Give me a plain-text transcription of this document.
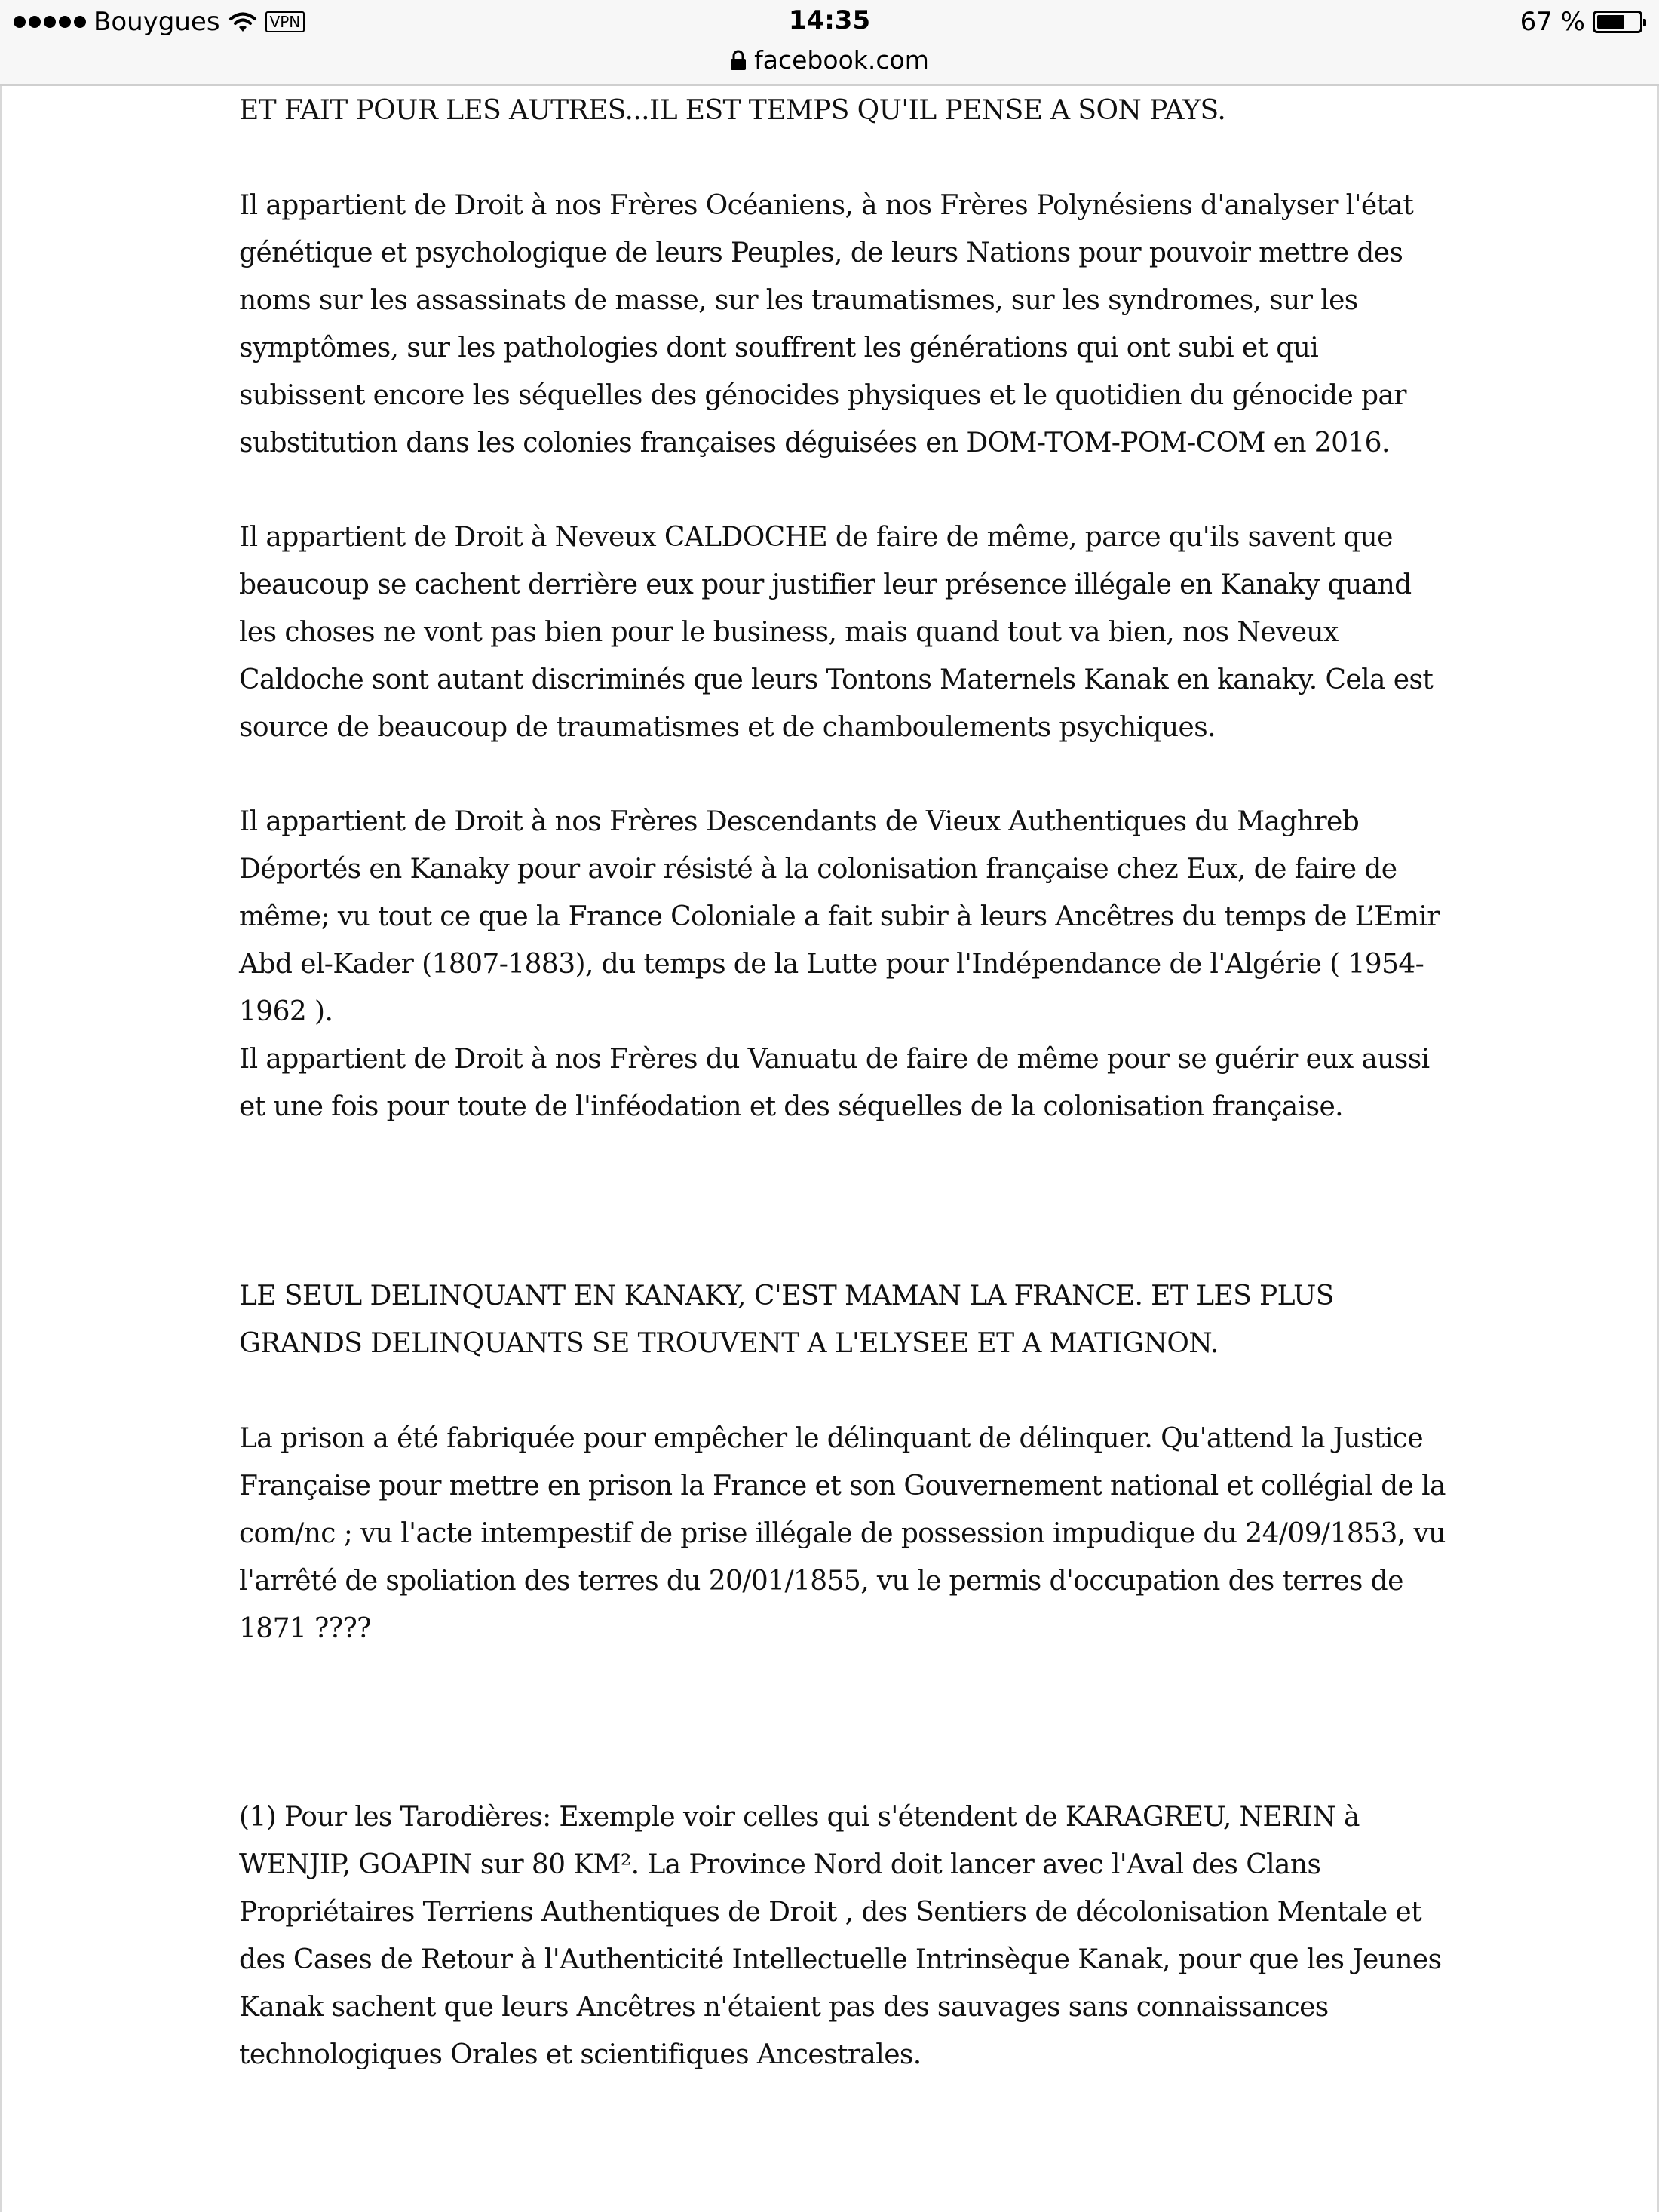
Bouygues	VPN	14:35	67 %
facebook.com

ET FAIT POUR LES AUTRES...IL EST TEMPS QU'IL PENSE A SON PAYS.

Il appartient de Droit à nos Frères Océaniens, à nos Frères Polynésiens d'analyser l'état génétique et psychologique de leurs Peuples, de leurs Nations pour pouvoir mettre des noms sur les assassinats de masse, sur les traumatismes, sur les syndromes, sur les symptômes, sur les pathologies dont souffrent les générations qui ont subi et qui subissent encore les séquelles des génocides physiques et le quotidien du génocide par substitution dans les colonies françaises déguisées en DOM-TOM-POM-COM en 2016.

Il appartient de Droit à Neveux CALDOCHE de faire de même, parce qu'ils savent que beaucoup se cachent derrière eux pour justifier leur présence illégale en Kanaky quand les choses ne vont pas bien pour le business, mais quand tout va bien, nos Neveux Caldoche sont autant discriminés que leurs Tontons Maternels Kanak en kanaky. Cela est source de beaucoup de traumatismes et de chamboulements psychiques.

Il appartient de Droit à nos Frères Descendants de Vieux Authentiques du Maghreb Déportés en Kanaky pour avoir résisté à la colonisation française chez Eux, de faire de même; vu tout ce que la France Coloniale a fait subir à leurs Ancêtres du temps de L’Emir Abd el-Kader (1807-1883), du temps de la Lutte pour l'Indépendance de l'Algérie ( 1954-1962 ).

Il appartient de Droit à nos Frères du Vanuatu de faire de même pour se guérir eux aussi et une fois pour toute de l'inféodation et des séquelles de la colonisation française.

LE SEUL DELINQUANT EN KANAKY, C'EST MAMAN LA FRANCE. ET LES PLUS GRANDS DELINQUANTS SE TROUVENT A L'ELYSEE ET A MATIGNON.

La prison a été fabriquée pour empêcher le délinquant de délinquer. Qu'attend la Justice Française pour mettre en prison la France et son Gouvernement national et collégial de la com/nc ; vu l'acte intempestif de prise illégale de possession impudique du 24/09/1853, vu l'arrêté de spoliation des terres du 20/01/1855, vu le permis d'occupation des terres de 1871 ????

(1) Pour les Tarodières: Exemple voir celles qui s'étendent de KARAGREU, NERIN à WENJIP, GOAPIN sur 80 KM². La Province Nord doit lancer avec l'Aval des Clans Propriétaires Terriens Authentiques de Droit , des Sentiers de décolonisation Mentale et des Cases de Retour à l'Authenticité Intellectuelle Intrinsèque Kanak, pour que les Jeunes Kanak sachent que leurs Ancêtres n'étaient pas des sauvages sans connaissances technologiques Orales et scientifiques Ancestrales.
